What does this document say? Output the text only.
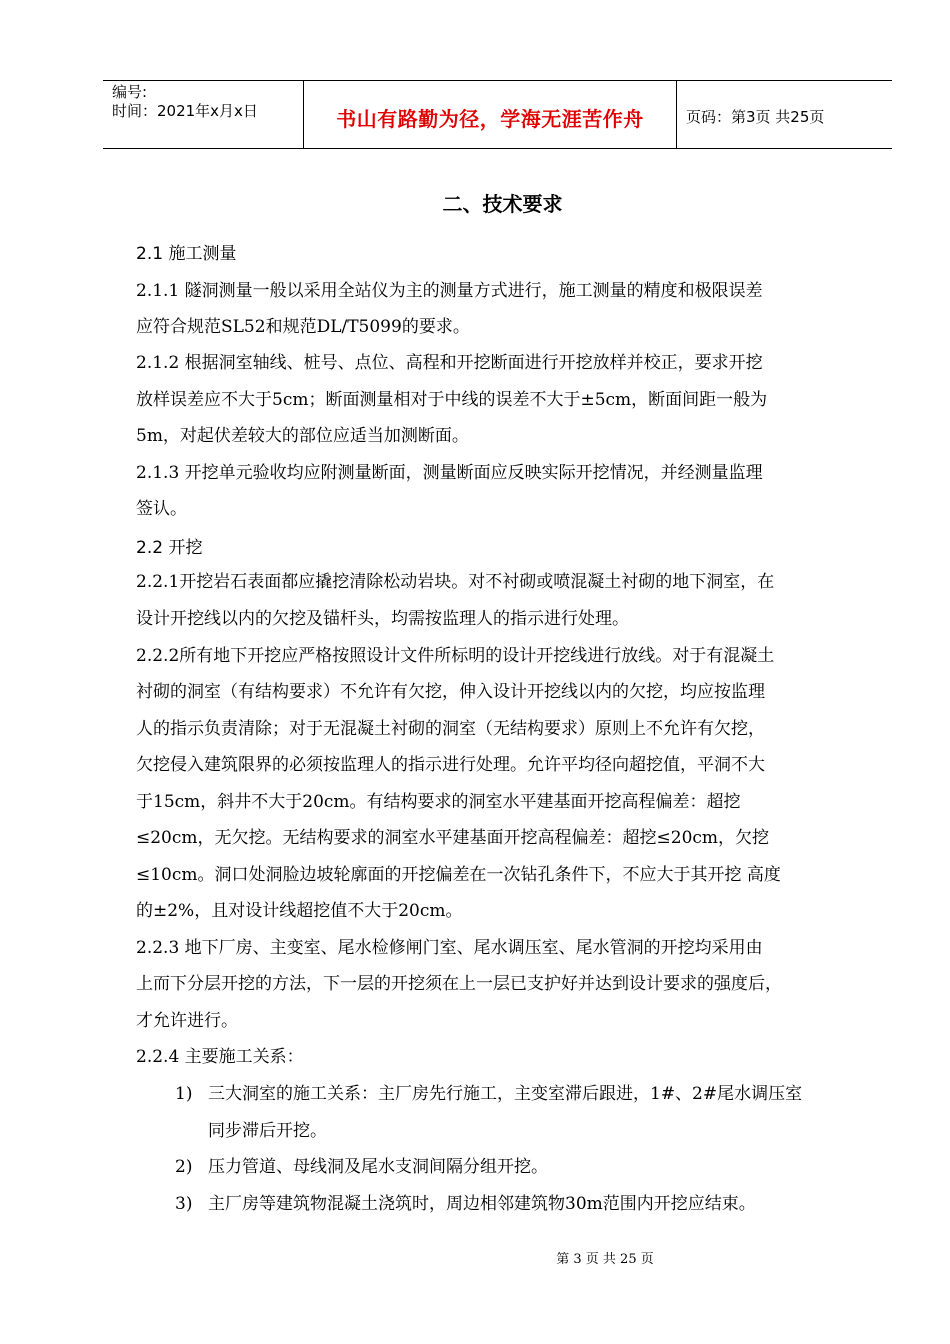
编号:
时间：2021年x月x日	书山有路勤为径，学海无涯苦作舟	页码：第3页 共25页
二、技术要求
2.1 施工测量
2.1.1 隧洞测量一般以采用全站仪为主的测量方式进行，施工测量的精度和极限误差
应符合规范SL52和规范DL/T5099的要求。
2.1.2 根据洞室轴线、桩号、点位、高程和开挖断面进行开挖放样并校正，要求开挖
放样误差应不大于5cm；断面测量相对于中线的误差不大于±5cm，断面间距一般为
5m，对起伏差较大的部位应适当加测断面。
2.1.3 开挖单元验收均应附测量断面，测量断面应反映实际开挖情况，并经测量监理
签认。
2.2 开挖
2.2.1开挖岩石表面都应撬挖清除松动岩块。对不衬砌或喷混凝土衬砌的地下洞室，在
设计开挖线以内的欠挖及锚杆头，均需按监理人的指示进行处理。
2.2.2所有地下开挖应严格按照设计文件所标明的设计开挖线进行放线。对于有混凝土
衬砌的洞室（有结构要求）不允许有欠挖，伸入设计开挖线以内的欠挖，均应按监理
人的指示负责清除；对于无混凝土衬砌的洞室（无结构要求）原则上不允许有欠挖，
欠挖侵入建筑限界的必须按监理人的指示进行处理。允许平均径向超挖值，平洞不大
于15cm，斜井不大于20cm。有结构要求的洞室水平建基面开挖高程偏差：超挖
≤20cm，无欠挖。无结构要求的洞室水平建基面开挖高程偏差：超挖≤20cm，欠挖
≤10cm。洞口处洞脸边坡轮廓面的开挖偏差在一次钻孔条件下，不应大于其开挖 高度
的±2%，且对设计线超挖值不大于20cm。
2.2.3 地下厂房、主变室、尾水检修闸门室、尾水调压室、尾水管洞的开挖均采用由
上而下分层开挖的方法，下一层的开挖须在上一层已支护好并达到设计要求的强度后，
才允许进行。
2.2.4 主要施工关系：
1) 三大洞室的施工关系：主厂房先行施工，主变室滞后跟进，1#、2#尾水调压室
同步滞后开挖。
2) 压力管道、母线洞及尾水支洞间隔分组开挖。
3) 主厂房等建筑物混凝土浇筑时，周边相邻建筑物30m范围内开挖应结束。
第 3 页 共 25 页
